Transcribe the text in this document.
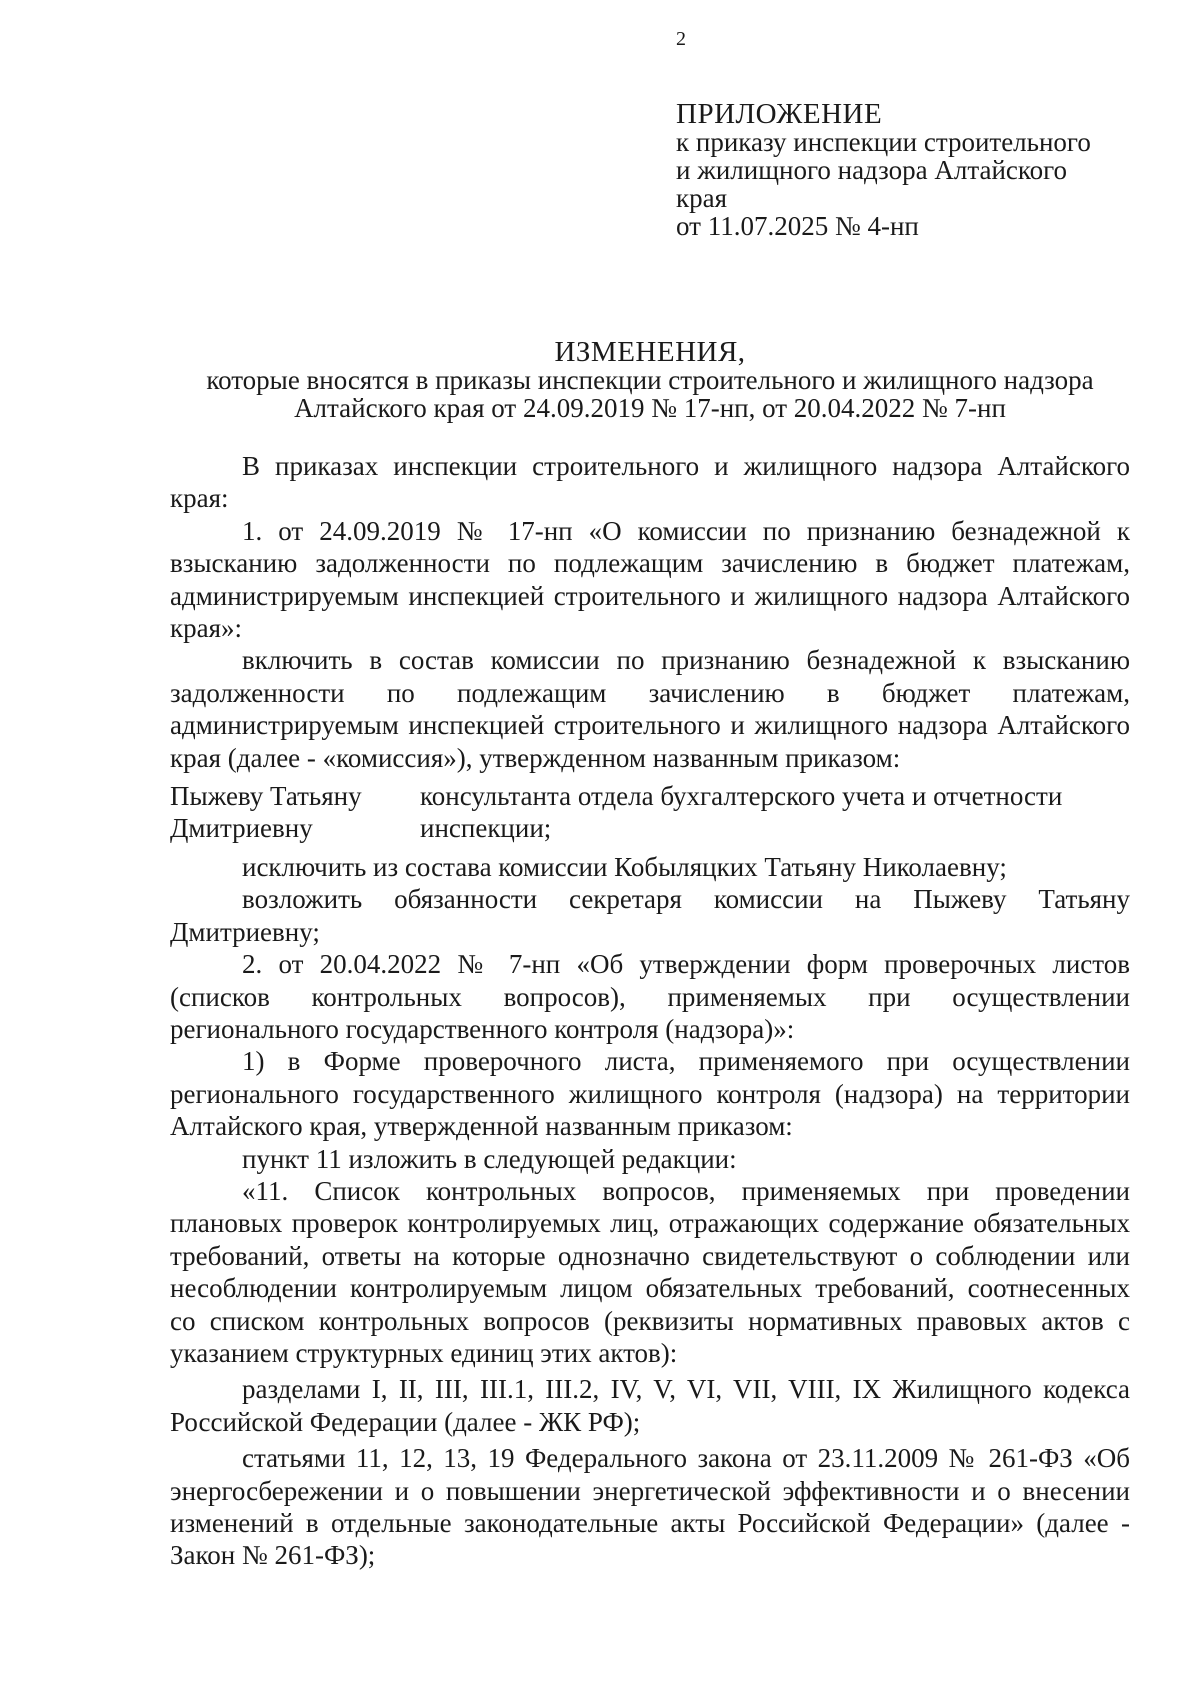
2
ПРИЛОЖЕНИЕ
к приказу инспекции строительного
и жилищного надзора Алтайского
края
от 11.07.2025 № 4-нп
ИЗМЕНЕНИЯ,
которые вносятся в приказы инспекции строительного и жилищного надзора
Алтайского края от 24.09.2019 № 17-нп, от 20.04.2022 № 7-нп

В приказах инспекции строительного и жилищного надзора Алтайского края:

1. от 24.09.2019 № 17-нп «О комиссии по признанию безнадежной к взысканию задолженности по подлежащим зачислению в бюджет платежам, администрируемым инспекцией строительного и жилищного надзора Алтайского края»:

включить в состав комиссии по признанию безнадежной к взысканию задолженности по подлежащим зачислению в бюджет платежам, администрируемым инспекцией строительного и жилищного надзора Алтайского края (далее - «комиссия»), утвержденном названным приказом:

Пыжеву Татьяну
Дмитриевну
консультанта отдела бухгалтерского учета и отчетности
инспекции;

исключить из состава комиссии Кобыляцких Татьяну Николаевну;

возложить обязанности секретаря комиссии на Пыжеву Татьяну Дмитриевну;

2. от 20.04.2022 № 7-нп «Об утверждении форм проверочных листов (списков контрольных вопросов), применяемых при осуществлении регионального государственного контроля (надзора)»:

1) в Форме проверочного листа, применяемого при осуществлении регионального государственного жилищного контроля (надзора) на территории Алтайского края, утвержденной названным приказом:

пункт 11 изложить в следующей редакции:

«11. Список контрольных вопросов, применяемых при проведении плановых проверок контролируемых лиц, отражающих содержание обязательных требований, ответы на которые однозначно свидетельствуют о соблюдении или несоблюдении контролируемым лицом обязательных требований, соотнесенных со списком контрольных вопросов (реквизиты нормативных правовых актов с указанием структурных единиц этих актов):

разделами I, II, III, III.1, III.2, IV, V, VI, VII, VIII, IX Жилищного кодекса Российской Федерации (далее - ЖК РФ);

статьями 11, 12, 13, 19 Федерального закона от 23.11.2009 № 261-ФЗ «Об энергосбережении и о повышении энергетической эффективности и о внесении изменений в отдельные законодательные акты Российской Федерации» (далее - Закон № 261-ФЗ);
